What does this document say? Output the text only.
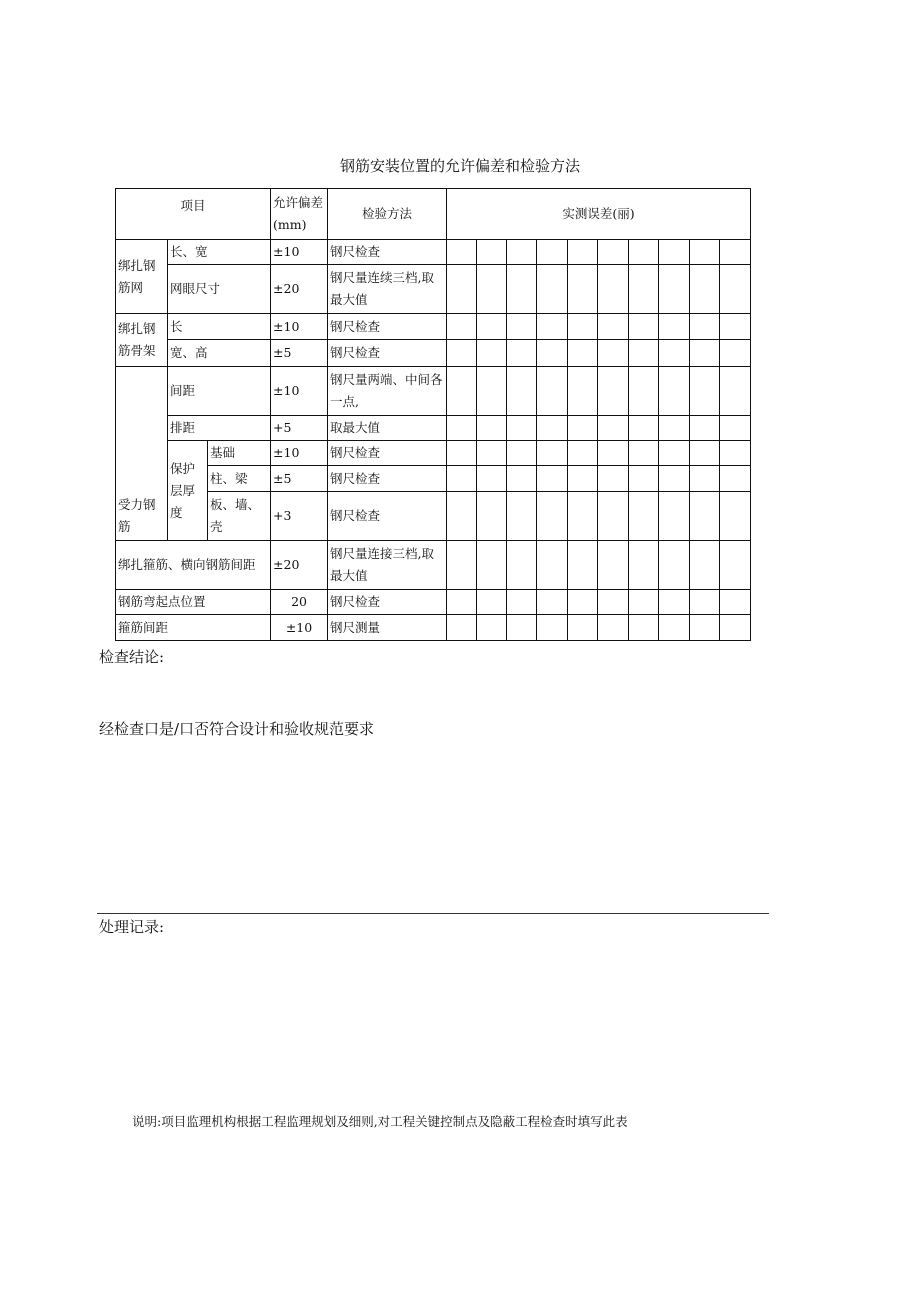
钢筋安装位置的允许偏差和检验方法
项目			允许偏差(mm)	检验方法	实测误差(丽)									
绑扎钢筋网	长、宽		±10	钢尺检查										
	网眼尺寸		±20	钢尺量连续三档,取最大值										
绑扎钢筋骨架	长		±10	钢尺检查										
	宽、高		±5	钢尺检查										
受力钢筋	间距		±10	钢尺量两端、中间各一点,										
	排距		+5	取最大值										
	保护层厚度	基础	±10	钢尺检查										
		柱、梁	±5	钢尺检查										
		板、墙、壳	+3	钢尺检查										
绑扎箍筋、横向钢筋间距			±20	钢尺量连接三档,取最大值										
钢筋弯起点位置			20	钢尺检查										
箍筋间距			±10	钢尺测量										
检查结论:
经检查口是/口否符合设计和验收规范要求
处理记录:
说明:项目监理机构根据工程监理规划及细则,对工程关键控制点及隐蔽工程检查时填写此表
